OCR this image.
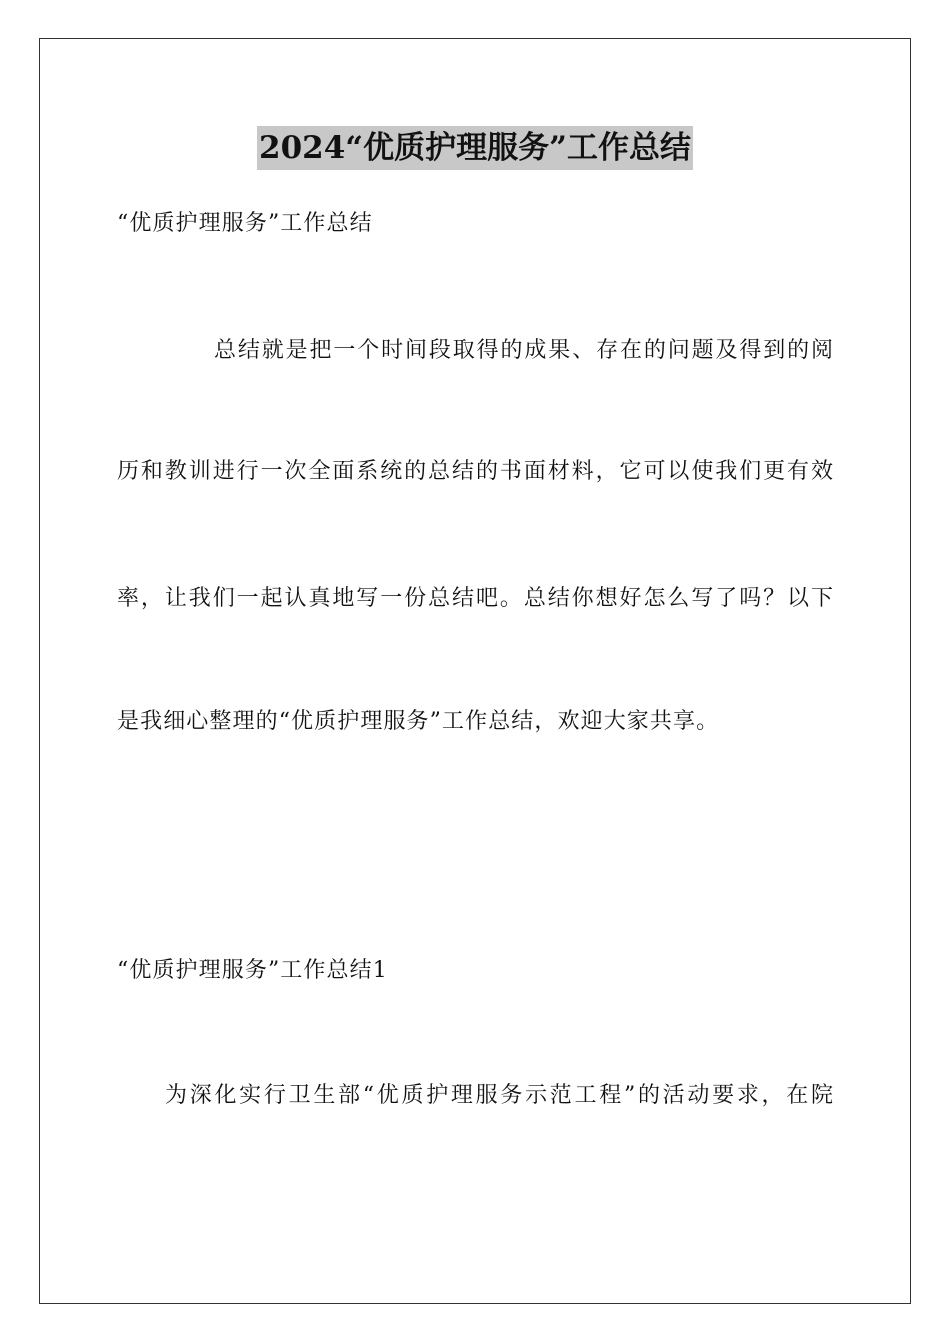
2024“优质护理服务”工作总结
“优质护理服务”工作总结
总结就是把一个时间段取得的成果、存在的问题及得到的阅
历和教训进行一次全面系统的总结的书面材料，它可以使我们更有效
率，让我们一起认真地写一份总结吧。总结你想好怎么写了吗？以下
是我细心整理的“优质护理服务”工作总结，欢迎大家共享。
“优质护理服务”工作总结1
为深化实行卫生部“优质护理服务示范工程”的活动要求，在院
